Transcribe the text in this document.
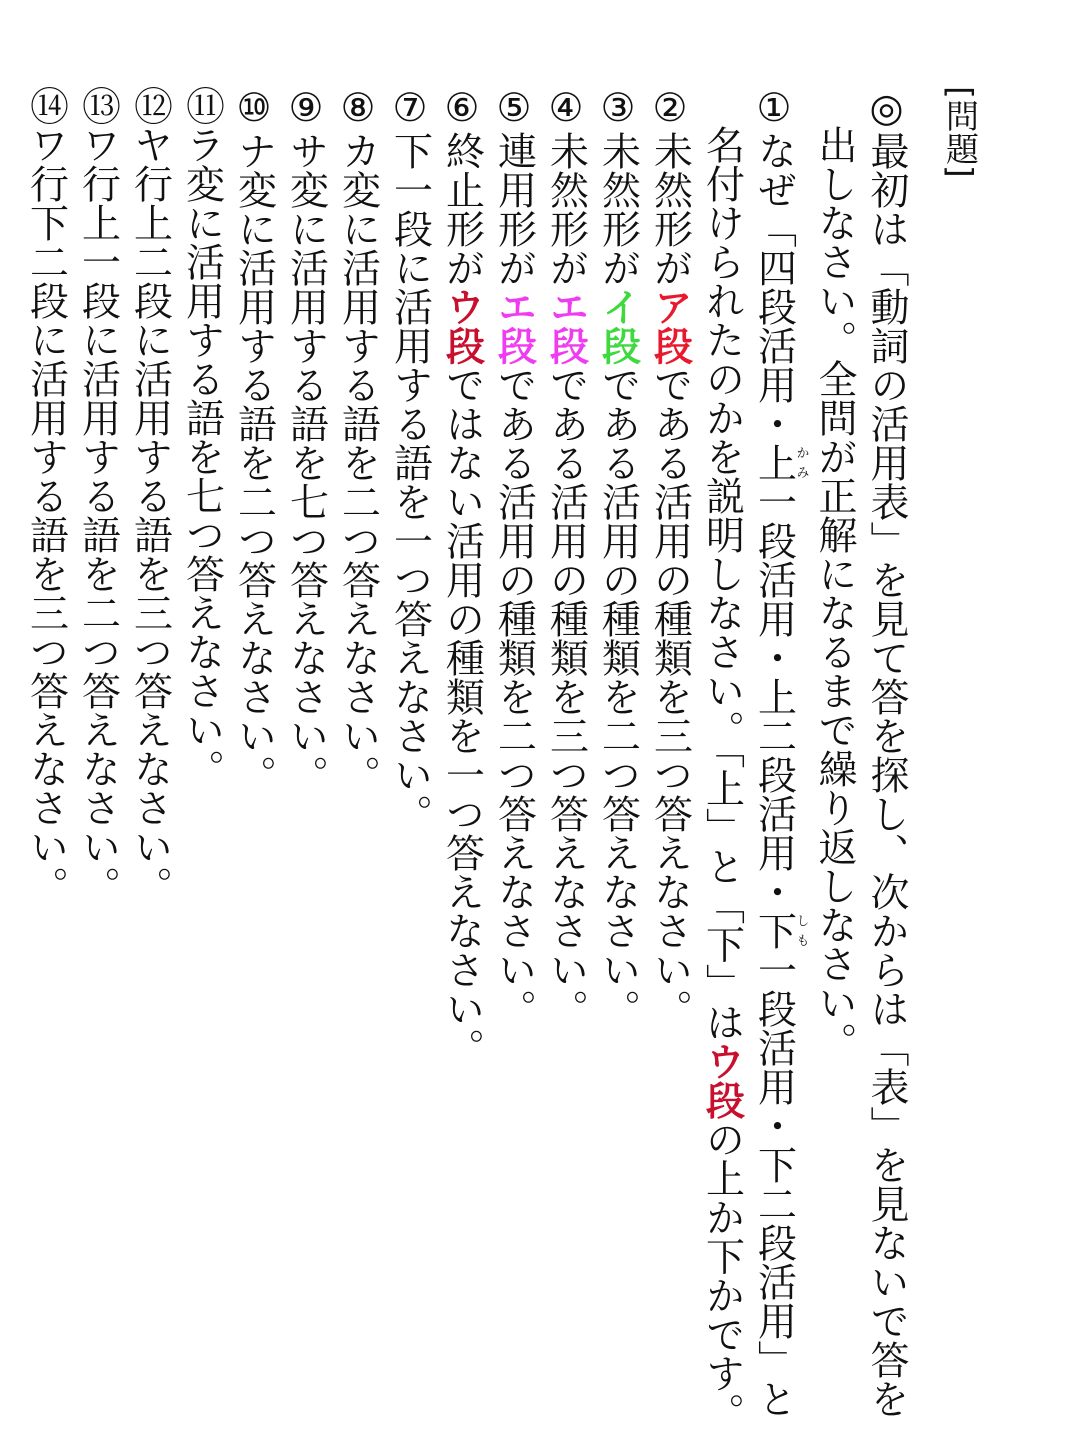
[問題]
◎最初は「動詞の活用表」を見て答を探し、次からは「表」を見ないで答を
出しなさい。全問が正解になるまで繰り返しなさい。
①なぜ「四段活用・上かみ一段活用・上二段活用・下しも一段活用・下二段活用」と
名付けられたのかを説明しなさい。「上」と「下」はウ段の上か下かです。
②未然形がア段である活用の種類を三つ答えなさい。
③未然形がイ段である活用の種類を二つ答えなさい。
④未然形がエ段である活用の種類を三つ答えなさい。
⑤連用形がエ段である活用の種類を二つ答えなさい。
⑥終止形がウ段ではない活用の種類を一つ答えなさい。
⑦下一段に活用する語を一つ答えなさい。
⑧カ変に活用する語を二つ答えなさい。
⑨サ変に活用する語を七つ答えなさい。
⑩ナ変に活用する語を二つ答えなさい。
⑪ラ変に活用する語を七つ答えなさい。
⑫ヤ行上二段に活用する語を三つ答えなさい。
⑬ワ行上一段に活用する語を二つ答えなさい。
⑭ワ行下二段に活用する語を三つ答えなさい。
